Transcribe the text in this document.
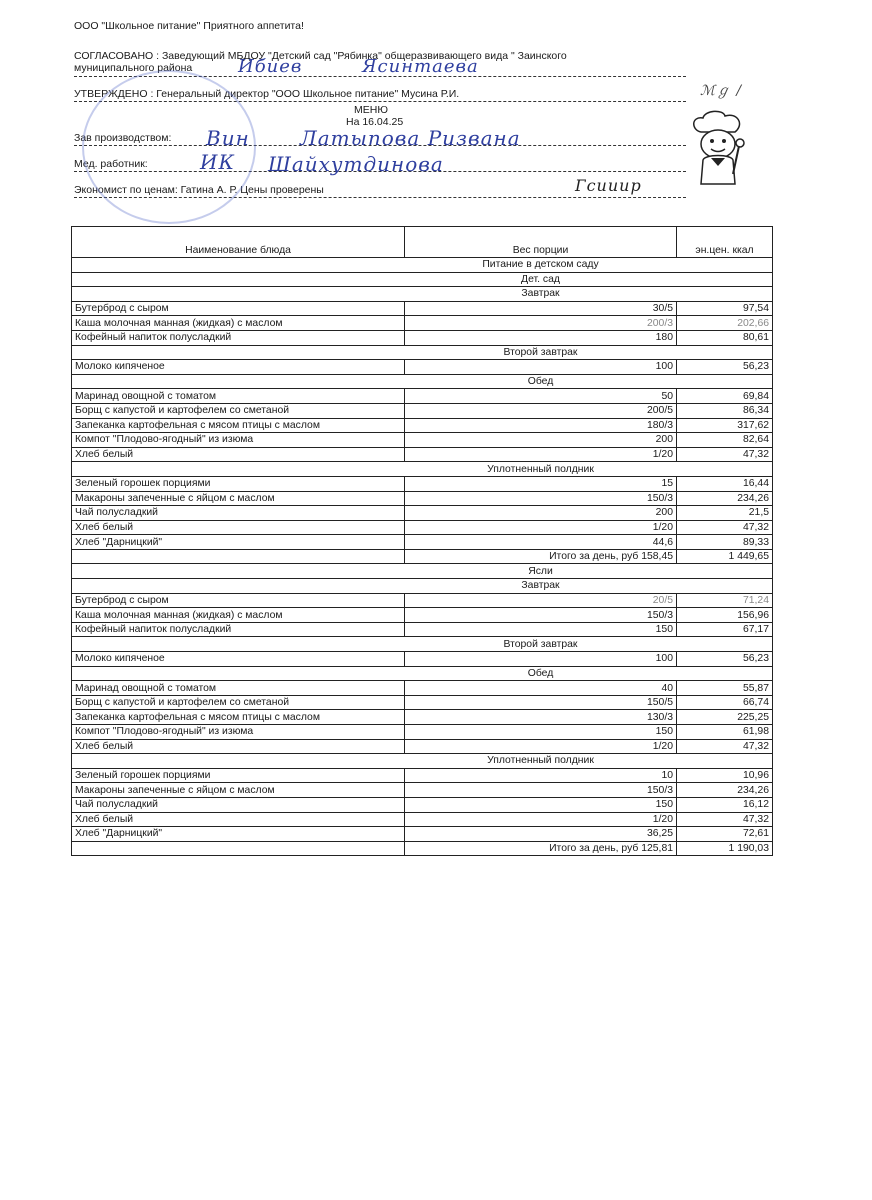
ООО "Школьное питание" Приятного аппетита!
СОГЛАСОВАНО : Заведующий МБДОУ "Детский сад "Рябинка" общеразвивающего вида " Заинского
муниципального района
УТВЕРЖДЕНО : Генеральный директор "ООО Школьное питание" Мусина Р.И.
МЕНЮ
На 16.04.25
Зав производством:
Мед. работник:
Экономист по ценам: Гатина А. Р. Цены проверены
Ибиев	Ясинтаева
Вин	Латыпова Ризвана
ИК Шайхутдинова
Гсииир
ℳℊ /
Наименование блюда	Вес порции	эн.цен. ккал
	Питание в детском саду	
	Дет. сад	
	Завтрак	
Бутерброд с сыром	30/5	97,54
Каша молочная манная (жидкая) с маслом	200/3	202,66
Кофейный напиток полусладкий	180	80,61
	Второй завтрак	
Молоко кипяченое	100	56,23
	Обед	
Маринад овощной с томатом	50	69,84
Борщ с капустой и картофелем со сметаной	200/5	86,34
Запеканка картофельная с мясом птицы с маслом	180/3	317,62
Компот "Плодово-ягодный" из изюма	200	82,64
Хлеб белый	1/20	47,32
	Уплотненный полдник	
Зеленый горошек порциями	15	16,44
Макароны запеченные с яйцом с маслом	150/3	234,26
Чай полусладкий	200	21,5
Хлеб белый	1/20	47,32
Хлеб "Дарницкий"	44,6	89,33
	Итого за день, руб 158,45	1 449,65
	Ясли	
	Завтрак	
Бутерброд с сыром	20/5	71,24
Каша молочная манная (жидкая) с маслом	150/3	156,96
Кофейный напиток полусладкий	150	67,17
	Второй завтрак	
Молоко кипяченое	100	56,23
	Обед	
Маринад овощной с томатом	40	55,87
Борщ с капустой и картофелем со сметаной	150/5	66,74
Запеканка картофельная с мясом птицы с маслом	130/3	225,25
Компот "Плодово-ягодный" из изюма	150	61,98
Хлеб белый	1/20	47,32
	Уплотненный полдник	
Зеленый горошек порциями	10	10,96
Макароны запеченные с яйцом с маслом	150/3	234,26
Чай полусладкий	150	16,12
Хлеб белый	1/20	47,32
Хлеб "Дарницкий"	36,25	72,61
	Итого за день, руб 125,81	1 190,03
